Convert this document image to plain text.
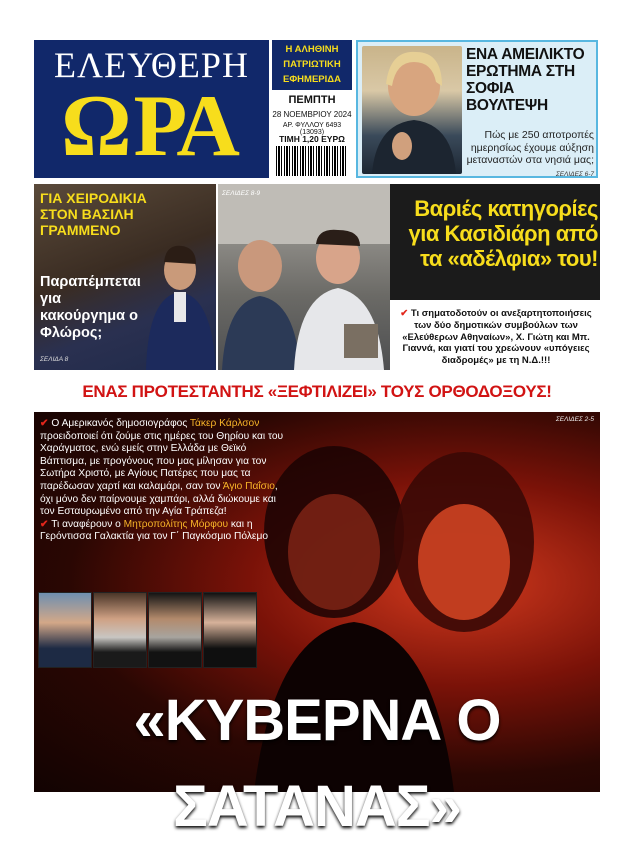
ΕΛΕΥΘΕΡΗ
ΩΡΑ
Η ΑΛΗΘΙΝΗ
ΠΑΤΡΙΩΤΙΚΗ
ΕΦΗΜΕΡΙΔΑ
ΠΕΜΠΤΗ
28 ΝΟΕΜΒΡΙΟΥ 2024
ΑΡ. ΦΥΛΛΟΥ 6493 (13093)
ΤΙΜΗ 1,20 ΕΥΡΩ
ΕΝΑ ΑΜΕΙΛΙΚΤΟ ΕΡΩΤΗΜΑ ΣΤΗ ΣΟΦΙΑ ΒΟΥΛΤΕΨΗ
Πώς με 250 αποτροπές ημερησίως έχουμε αύξηση μεταναστών στα νησιά μας; ΣΕΛΙΔΕΣ 6-7
ΓΙΑ ΧΕΙΡΟΔΙΚΙΑ ΣΤΟΝ ΒΑΣΙΛΗ ΓΡΑΜΜΕΝΟ
Παραπέμπεται για κακούργημα ο Φλώρος;
ΣΕΛΙΔΑ 8
ΣΕΛΙΔΕΣ 8-9
Βαριές κατηγορίες για Κασιδιάρη από τα «αδέλφια» του!
✔ Τι σηματοδοτούν οι ανεξαρτητοποιήσεις των δύο δημοτικών συμβούλων των «Ελεύθερων Αθηναίων», Χ. Γιώτη και Μπ. Γιαννά, και γιατί του χρεώνουν «υπόγειες διαδρομές» με τη Ν.Δ.!!!
ΕΝΑΣ ΠΡΟΤΕΣΤΑΝΤΗΣ «ΞΕΦΤΙΛΙΖΕΙ» ΤΟΥΣ ΟΡΘΟΔΟΞΟΥΣ!
ΣΕΛΙΔΕΣ 2-5
✔ Ο Αμερικανός δημοσιογράφος Τάκερ Κάρλσον προειδοποιεί ότι ζούμε στις ημέρες του Θηρίου και του Χαράγματος, ενώ εμείς στην Ελλάδα με Θεϊκό Βάπτισμα, με προγόνους που μας μίλησαν για τον Σωτήρα Χριστό, με Αγίους Πατέρες που μας τα παρέδωσαν χαρτί και καλαμάρι, σαν τον Άγιο Παΐσιο, όχι μόνο δεν παίρνουμε χαμπάρι, αλλά διώκουμε και τον Εσταυρωμένο από την Αγία Τράπεζα!
✔ Τι αναφέρουν ο Μητροπολίτης Μόρφου και η Γερόντισσα Γαλακτία για τον Γ΄ Παγκόσμιο Πόλεμο
«ΚΥΒΕΡΝΑ Ο ΣΑΤΑΝΑΣ»
